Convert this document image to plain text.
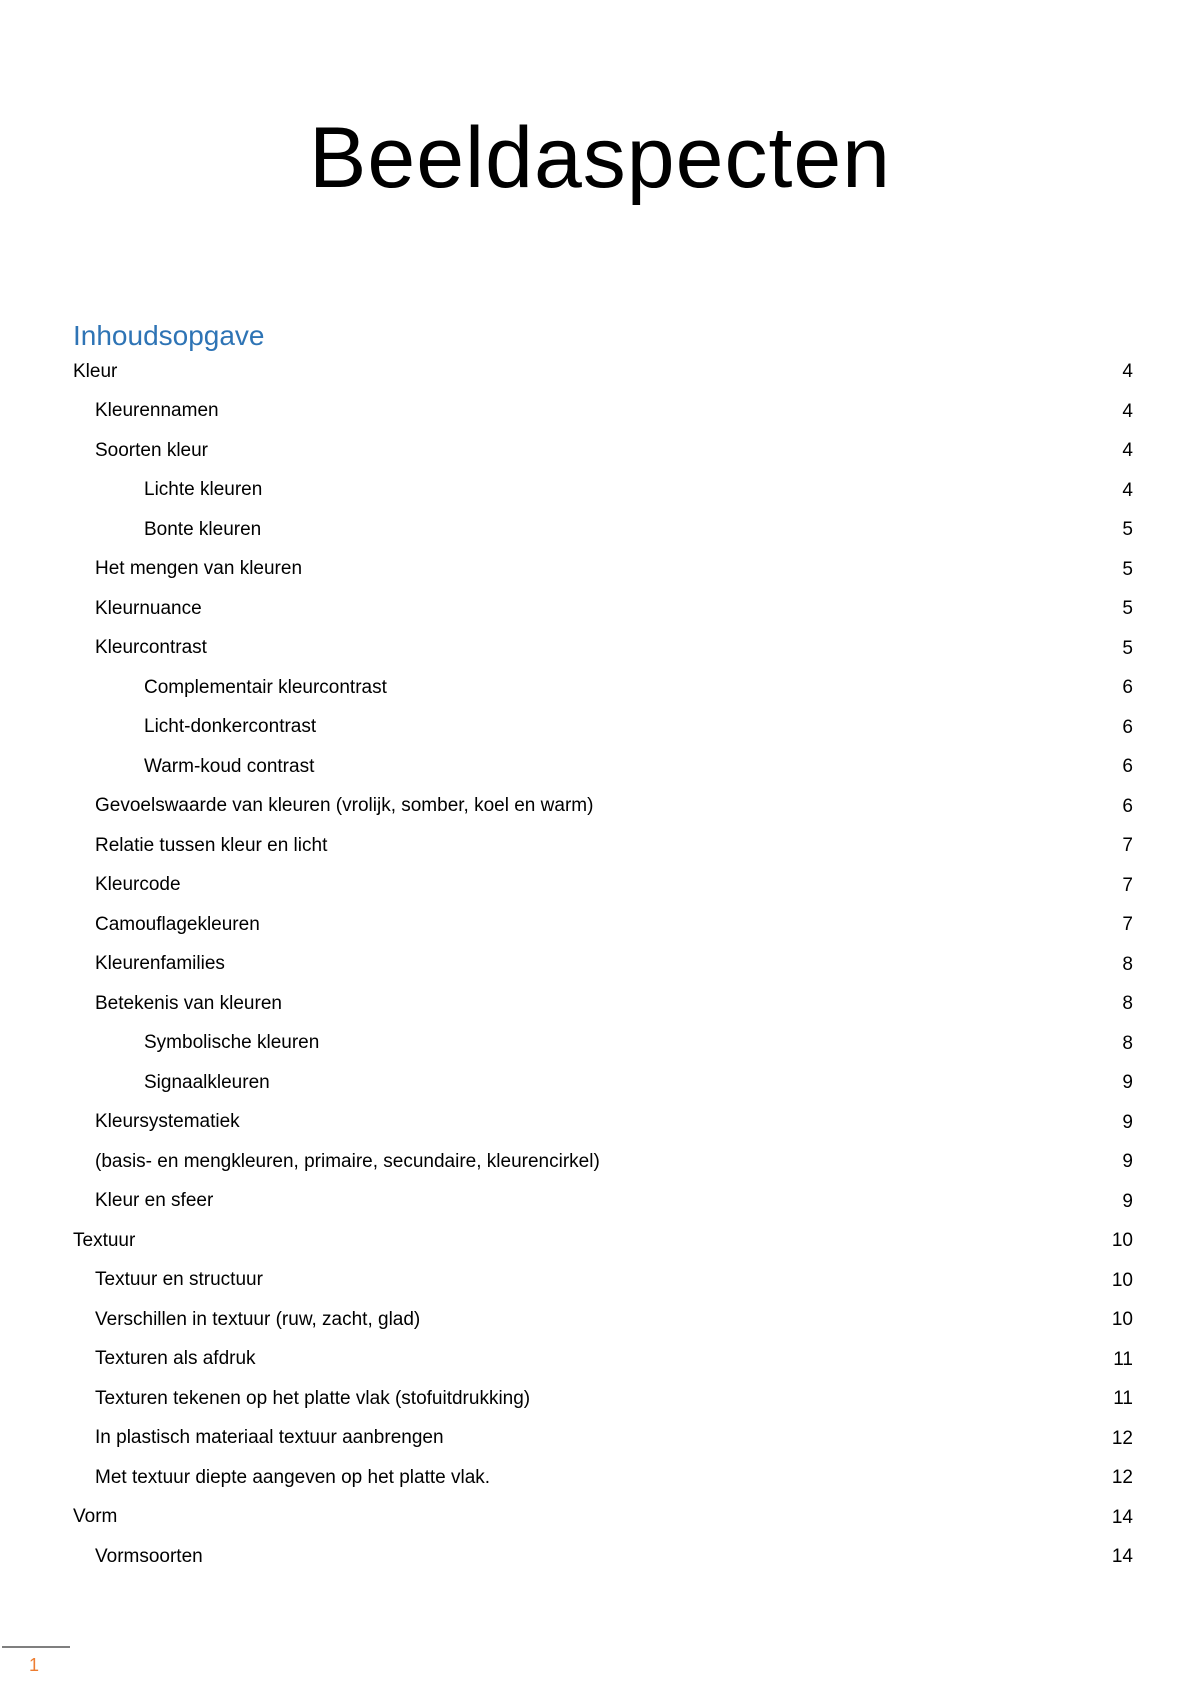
Beeldaspecten
Inhoudsopgave
Kleur	4
Kleurennamen	4
Soorten kleur	4
Lichte kleuren	4
Bonte kleuren	5
Het mengen van kleuren	5
Kleurnuance	5
Kleurcontrast	5
Complementair kleurcontrast	6
Licht-donkercontrast	6
Warm-koud contrast	6
Gevoelswaarde van kleuren (vrolijk, somber, koel en warm)	6
Relatie tussen kleur en licht	7
Kleurcode	7
Camouflagekleuren	7
Kleurenfamilies	8
Betekenis van kleuren	8
Symbolische kleuren	8
Signaalkleuren	9
Kleursystematiek	9
(basis- en mengkleuren, primaire, secundaire, kleurencirkel)	9
Kleur en sfeer	9
Textuur	10
Textuur en structuur	10
Verschillen in textuur (ruw, zacht, glad)	10
Texturen als afdruk	11
Texturen tekenen op het platte vlak (stofuitdrukking)	11
In plastisch materiaal textuur aanbrengen	12
Met textuur diepte aangeven op het platte vlak.	12
Vorm	14
Vormsoorten	14
1
